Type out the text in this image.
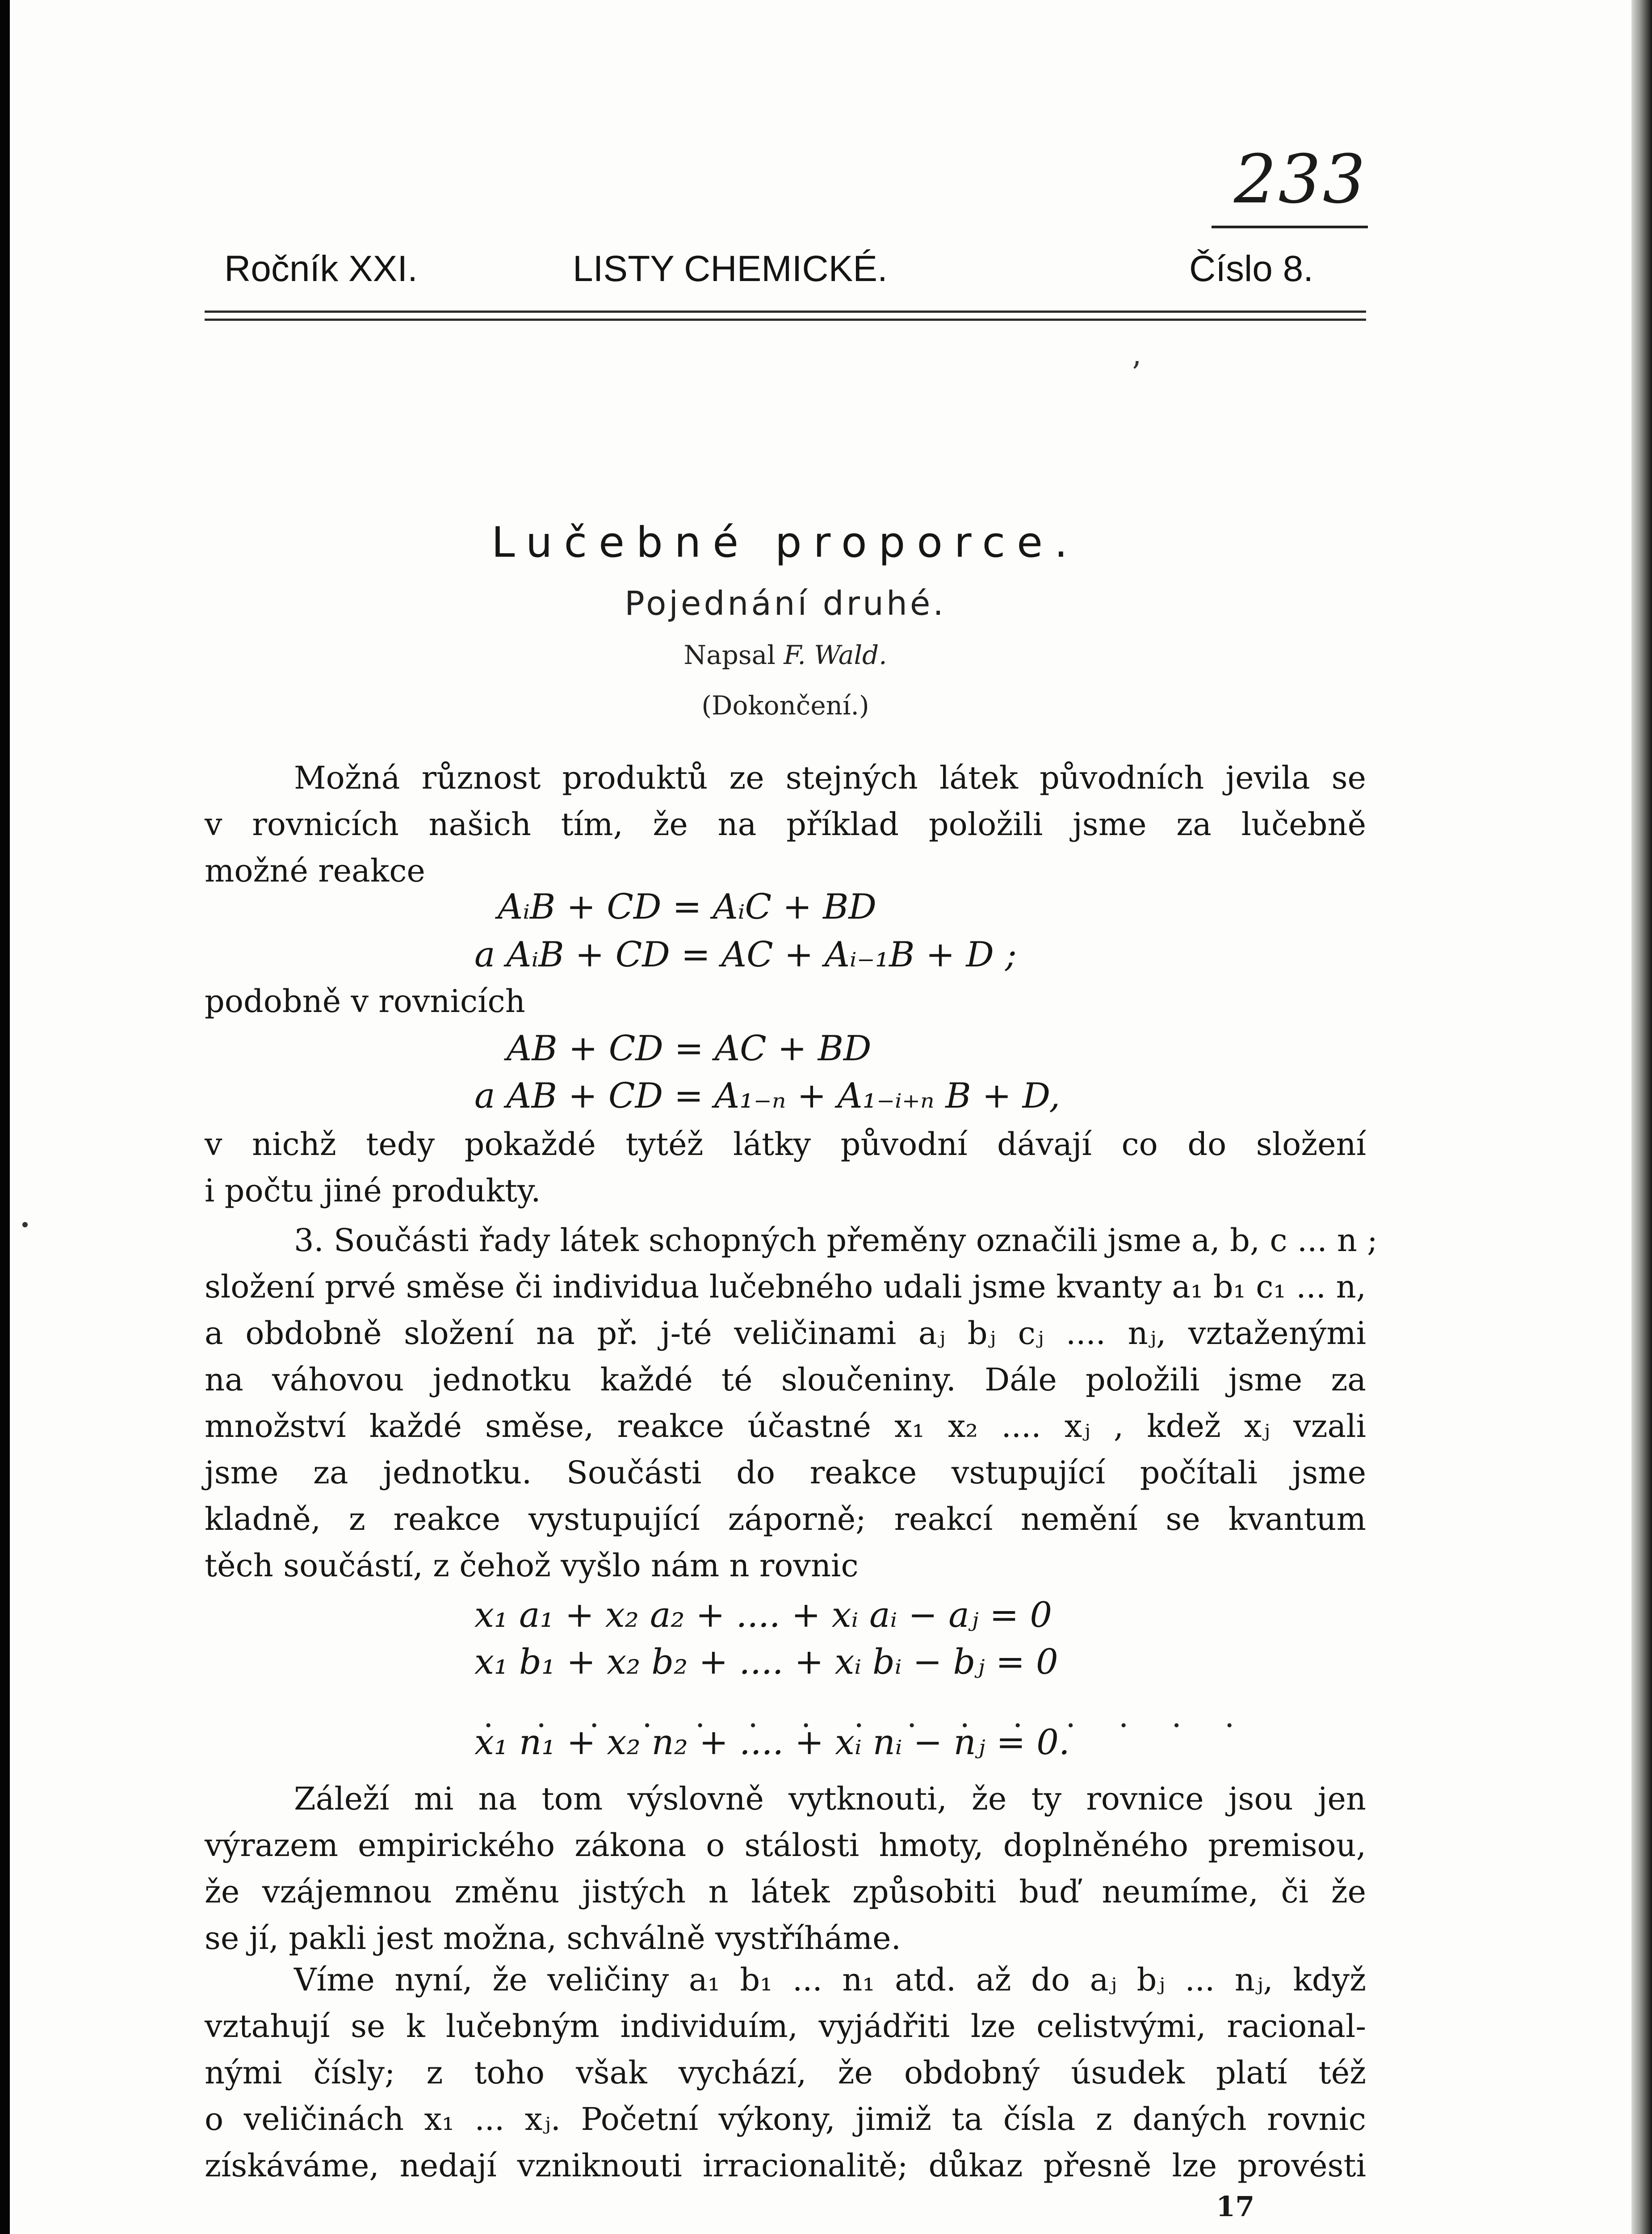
233
Ročník XXI.	LISTY CHEMICKÉ.	Číslo 8.
ʼ
Lučebné proporce.
Pojednání druhé.
Napsal F. Wald.
(Dokončení.)
Možná různost produktů ze stejných látek původních jevila se
v rovnicích našich tím, že na příklad položili jsme za lučebně
možné reakce
AᵢB + CD = AᵢC + BD
a AᵢB + CD = AC + Aᵢ₋₁B + D ;
podobně v rovnicích
AB + CD = AC + BD
a AB + CD = A₁₋ₙ + A₁₋ᵢ₊ₙ B + D,
v nichž tedy pokaždé tytéž látky původní dávají co do složení
i počtu jiné produkty.
3. Součásti řady látek schopných přeměny označili jsme a, b, c ... n ;
složení prvé směse či individua lučebného udali jsme kvanty a₁ b₁ c₁ ... n,
a obdobně složení na př. j-té veličinami aⱼ bⱼ cⱼ .... nⱼ, vztaženými
na váhovou jednotku každé té sloučeniny. Dále položili jsme za
množství každé směse, reakce účastné x₁ x₂ .... xⱼ , kdež xⱼ vzali
jsme za jednotku. Součásti do reakce vstupující počítali jsme
kladně, z reakce vystupující záporně; reakcí nemění se kvantum
těch součástí, z čehož vyšlo nám n rovnic
x₁ a₁ + x₂ a₂ + .... + xᵢ aᵢ − aⱼ = 0
x₁ b₁ + x₂ b₂ + .... + xᵢ bᵢ − bⱼ = 0
. . . . . . . . . . . . . . .
x₁ n₁ + x₂ n₂ + .... + xᵢ nᵢ − nⱼ = 0.
Záleží mi na tom výslovně vytknouti, že ty rovnice jsou jen
výrazem empirického zákona o stálosti hmoty, doplněného premisou,
že vzájemnou změnu jistých n látek způsobiti buď neumíme, či že
se jí, pakli jest možna, schválně vystříháme.
Víme nyní, že veličiny a₁ b₁ ... n₁ atd. až do aⱼ bⱼ ... nⱼ, když
vztahují se k lučebným individuím, vyjádřiti lze celistvými, racional-
nými čísly; z toho však vychází, že obdobný úsudek platí též
o veličinách x₁ ... xⱼ. Početní výkony, jimiž ta čísla z daných rovnic
získáváme, nedají vzniknouti irracionalitě; důkaz přesně lze provésti
17
